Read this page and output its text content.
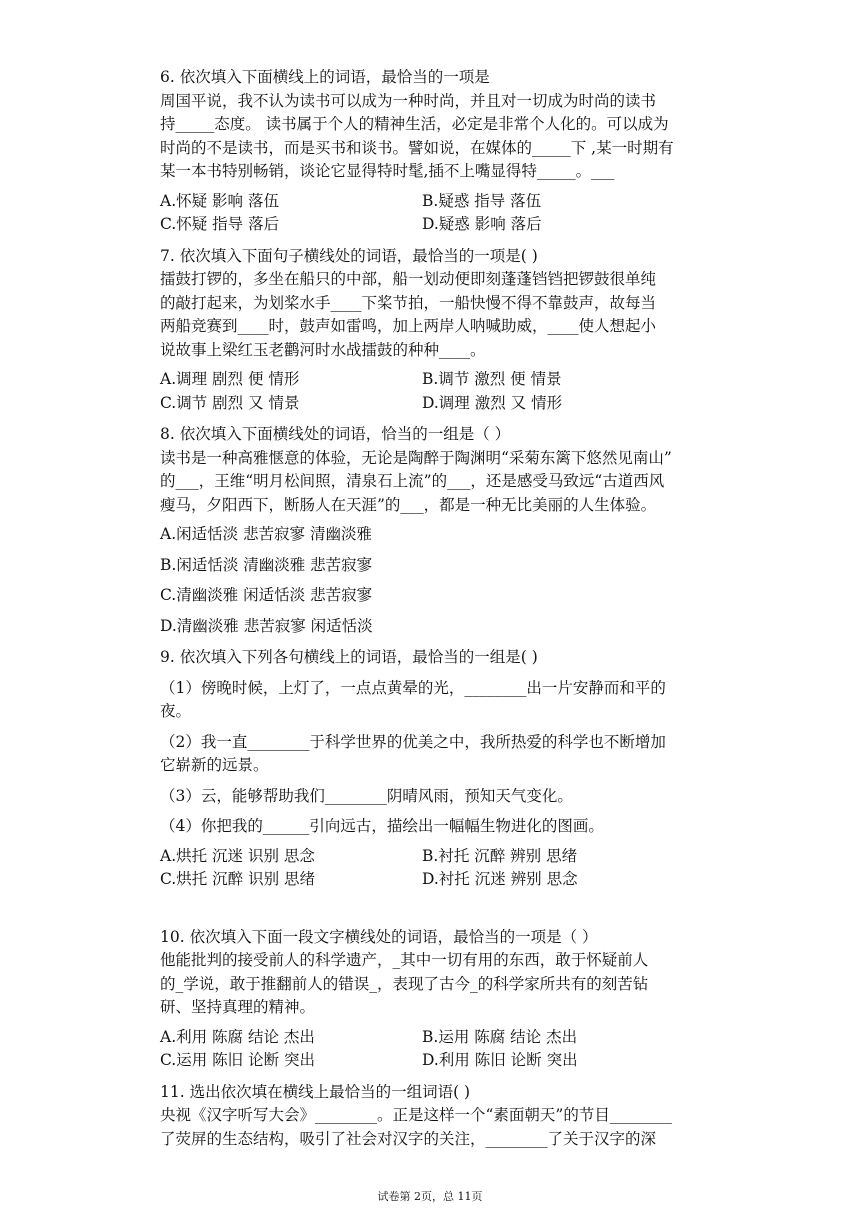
6. 依次填入下面横线上的词语，最恰当的一项是
周国平说，我不认为读书可以成为一种时尚，并且对一切成为时尚的读书
持_____态度。 读书属于个人的精神生活，必定是非常个人化的。可以成为
时尚的不是读书，而是买书和谈书。譬如说，在媒体的_____下 ,某一时期有
某一本书特别畅销，谈论它显得特时髦,插不上嘴显得特_____。___
A.怀疑 影响 落伍	B.疑惑 指导 落伍
C.怀疑 指导 落后	D.疑惑 影响 落后
7. 依次填入下面句子横线处的词语，最恰当的一项是( )
擂鼓打锣的，多坐在船只的中部，船一划动便即刻蓬蓬铛铛把锣鼓很单纯
的敲打起来，为划桨水手____下桨节拍，一船快慢不得不靠鼓声，故每当
两船竞赛到____时，鼓声如雷鸣，加上两岸人呐喊助威，____使人想起小
说故事上梁红玉老鹳河时水战擂鼓的种种____。
A.调理 剧烈 便 情形	B.调节 激烈 便 情景
C.调节 剧烈 又 情景	D.调理 激烈 又 情形
8. 依次填入下面横线处的词语，恰当的一组是（ ）
读书是一种高雅惬意的体验，无论是陶醉于陶渊明“采菊东篱下悠然见南山”
的___，王维“明月松间照，清泉石上流”的___，还是感受马致远“古道西风
瘦马，夕阳西下，断肠人在天涯”的___，都是一种无比美丽的人生体验。
A.闲适恬淡 悲苦寂寥 清幽淡雅
B.闲适恬淡 清幽淡雅 悲苦寂寥
C.清幽淡雅 闲适恬淡 悲苦寂寥
D.清幽淡雅 悲苦寂寥 闲适恬淡
9. 依次填入下列各句横线上的词语，最恰当的一组是( )
（1）傍晚时候，上灯了，一点点黄晕的光，________出一片安静而和平的
夜。
（2）我一直________于科学世界的优美之中，我所热爱的科学也不断增加
它崭新的远景。
（3）云，能够帮助我们________阴晴风雨，预知天气变化。
（4）你把我的______引向远古，描绘出一幅幅生物进化的图画。
A.烘托 沉迷 识别 思念	B.衬托 沉醉 辨别 思绪
C.烘托 沉醉 识别 思绪	D.衬托 沉迷 辨别 思念
10. 依次填入下面一段文字横线处的词语，最恰当的一项是（ ）
他能批判的接受前人的科学遗产，_其中一切有用的东西，敢于怀疑前人
的_学说，敢于推翻前人的错误_，表现了古今_的科学家所共有的刻苦钻
研、坚持真理的精神。
A.利用 陈腐 结论 杰出	B.运用 陈腐 结论 杰出
C.运用 陈旧 论断 突出	D.利用 陈旧 论断 突出
11. 选出依次填在横线上最恰当的一组词语( )
央视《汉字听写大会》________。正是这样一个“素面朝天”的节目________
了荧屏的生态结构，吸引了社会对汉字的关注，________了关于汉字的深
试卷第 2页，总 11页
